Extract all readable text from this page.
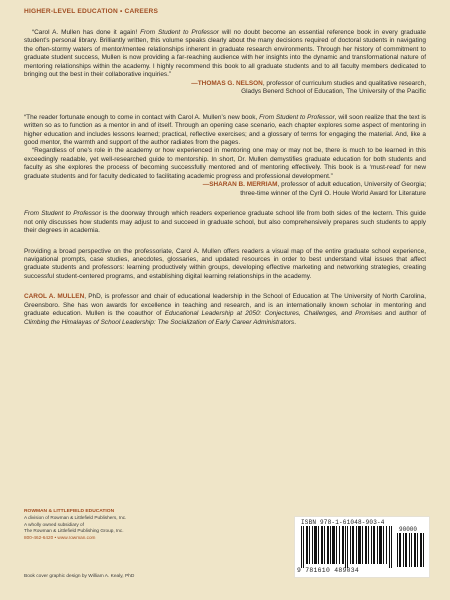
HIGHER-LEVEL EDUCATION • CAREERS

“Carol A. Mullen has done it again! From Student to Professor will no doubt become an essential reference book in every graduate student’s personal library. Brilliantly written, this volume speaks clearly about the many decisions required of doctoral students in navigating the often-stormy waters of mentor/mentee relationships inherent in graduate research environments. Through her history of commitment to graduate student success, Mullen is now providing a far-reaching audience with her insights into the dynamic and transformational nature of mentoring relationships within the academy. I highly recommend this book to all graduate students and to all faculty members dedicated to bringing out the best in their collaborative inquiries.”

—THOMAS G. NELSON, professor of curriculum studies and qualitative research,

Gladys Benerd School of Education, The University of the Pacific

“The reader fortunate enough to come in contact with Carol A. Mullen’s new book, From Student to Professor, will soon realize that the text is written so as to function as a mentor in and of itself. Through an opening case scenario, each chapter explores some aspect of mentoring in higher education and includes lessons learned; practical, reflective exercises; and a glossary of terms for engaging the material. And, like a good mentor, the warmth and support of the author radiates from the pages.

“Regardless of one’s role in the academy or how experienced in mentoring one may or may not be, there is much to be learned in this exceedingly readable, yet well-researched guide to mentorship. In short, Dr. Mullen demystifies graduate education for both students and faculty as she explores the process of becoming successfully mentored and of mentoring effectively. This book is a ‘must-read’ for new graduate students and for faculty dedicated to facilitating academic progress and professional development.”

—SHARAN B. MERRIAM, professor of adult education, University of Georgia;

three-time winner of the Cyril O. Houle World Award for Literature

From Student to Professor is the doorway through which readers experience graduate school life from both sides of the lectern. This guide not only discusses how students may adjust to and succeed in graduate school, but also comprehensively prepares such students to apply their degrees in academia.

Providing a broad perspective on the professoriate, Carol A. Mullen offers readers a visual map of the entire graduate school experience, navigational prompts, case studies, anecdotes, glossaries, and updated resources in order to best understand vital issues that affect graduate students and professors: learning productively within groups, developing effective marketing and networking strategies, creating successful student-centered programs, and establishing digital learning relationships in the academy.

CAROL A. MULLEN, PhD, is professor and chair of educational leadership in the School of Education at The University of North Carolina, Greensboro. She has won awards for excellence in teaching and research, and is an internationally known scholar in mentoring and graduate education. Mullen is the coauthor of Educational Leadership at 2050: Conjectures, Challenges, and Promises and author of Climbing the Himalayas of School Leadership: The Socialization of Early Career Administrators.

ROWMAN & LITTLEFIELD EDUCATION
A division of Rowman & Littlefield Publishers, Inc.
A wholly owned subsidiary of
The Rowman & Littlefield Publishing Group, Inc.
800-462-6420 • www.rowman.com
Book cover graphic design by William A. Kealy, PhD
ISBN 978-1-61048-903-4
90000
9 781610 489034
